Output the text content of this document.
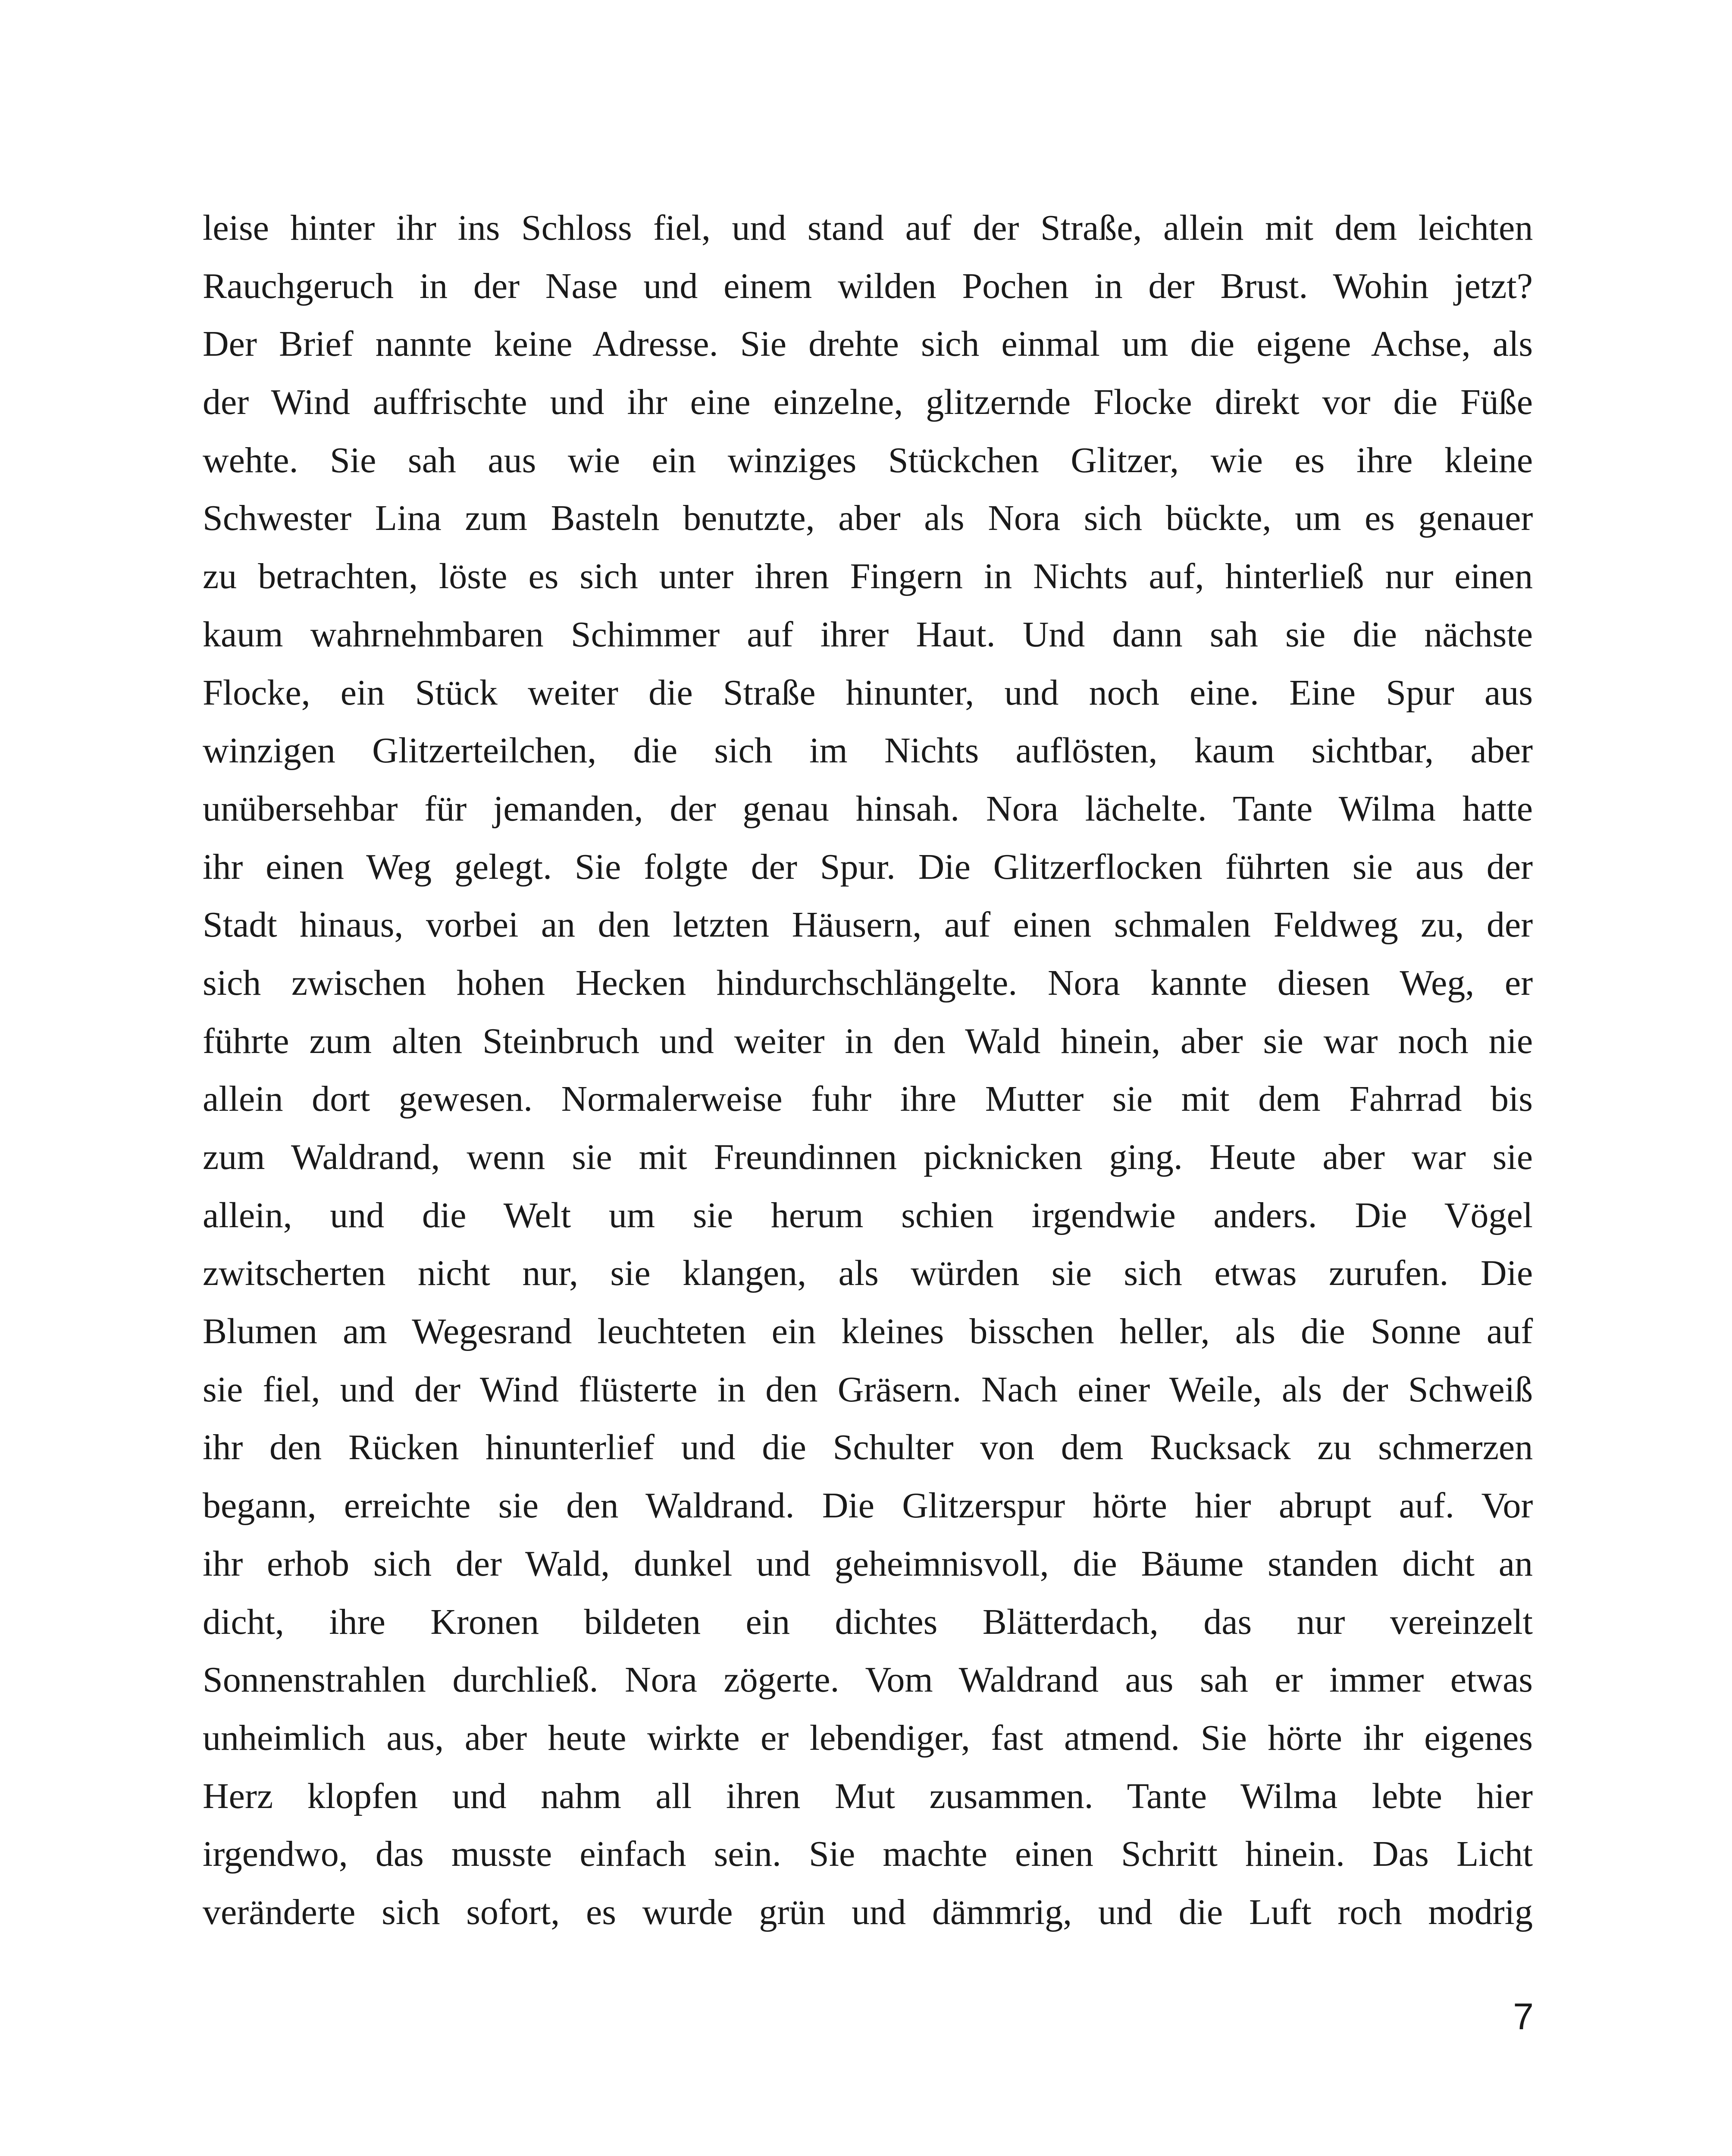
leise hinter ihr ins Schloss fiel, und stand auf der Straße, allein mit dem leichten
Rauchgeruch in der Nase und einem wilden Pochen in der Brust. Wohin jetzt?
Der Brief nannte keine Adresse. Sie drehte sich einmal um die eigene Achse, als
der Wind auffrischte und ihr eine einzelne, glitzernde Flocke direkt vor die Füße
wehte. Sie sah aus wie ein winziges Stückchen Glitzer, wie es ihre kleine
Schwester Lina zum Basteln benutzte, aber als Nora sich bückte, um es genauer
zu betrachten, löste es sich unter ihren Fingern in Nichts auf, hinterließ nur einen
kaum wahrnehmbaren Schimmer auf ihrer Haut. Und dann sah sie die nächste
Flocke, ein Stück weiter die Straße hinunter, und noch eine. Eine Spur aus
winzigen Glitzerteilchen, die sich im Nichts auflösten, kaum sichtbar, aber
unübersehbar für jemanden, der genau hinsah. Nora lächelte. Tante Wilma hatte
ihr einen Weg gelegt. Sie folgte der Spur. Die Glitzerflocken führten sie aus der
Stadt hinaus, vorbei an den letzten Häusern, auf einen schmalen Feldweg zu, der
sich zwischen hohen Hecken hindurchschlängelte. Nora kannte diesen Weg, er
führte zum alten Steinbruch und weiter in den Wald hinein, aber sie war noch nie
allein dort gewesen. Normalerweise fuhr ihre Mutter sie mit dem Fahrrad bis
zum Waldrand, wenn sie mit Freundinnen picknicken ging. Heute aber war sie
allein, und die Welt um sie herum schien irgendwie anders. Die Vögel
zwitscherten nicht nur, sie klangen, als würden sie sich etwas zurufen. Die
Blumen am Wegesrand leuchteten ein kleines bisschen heller, als die Sonne auf
sie fiel, und der Wind flüsterte in den Gräsern. Nach einer Weile, als der Schweiß
ihr den Rücken hinunterlief und die Schulter von dem Rucksack zu schmerzen
begann, erreichte sie den Waldrand. Die Glitzerspur hörte hier abrupt auf. Vor
ihr erhob sich der Wald, dunkel und geheimnisvoll, die Bäume standen dicht an
dicht, ihre Kronen bildeten ein dichtes Blätterdach, das nur vereinzelt
Sonnenstrahlen durchließ. Nora zögerte. Vom Waldrand aus sah er immer etwas
unheimlich aus, aber heute wirkte er lebendiger, fast atmend. Sie hörte ihr eigenes
Herz klopfen und nahm all ihren Mut zusammen. Tante Wilma lebte hier
irgendwo, das musste einfach sein. Sie machte einen Schritt hinein. Das Licht
veränderte sich sofort, es wurde grün und dämmrig, und die Luft roch modrig
7
